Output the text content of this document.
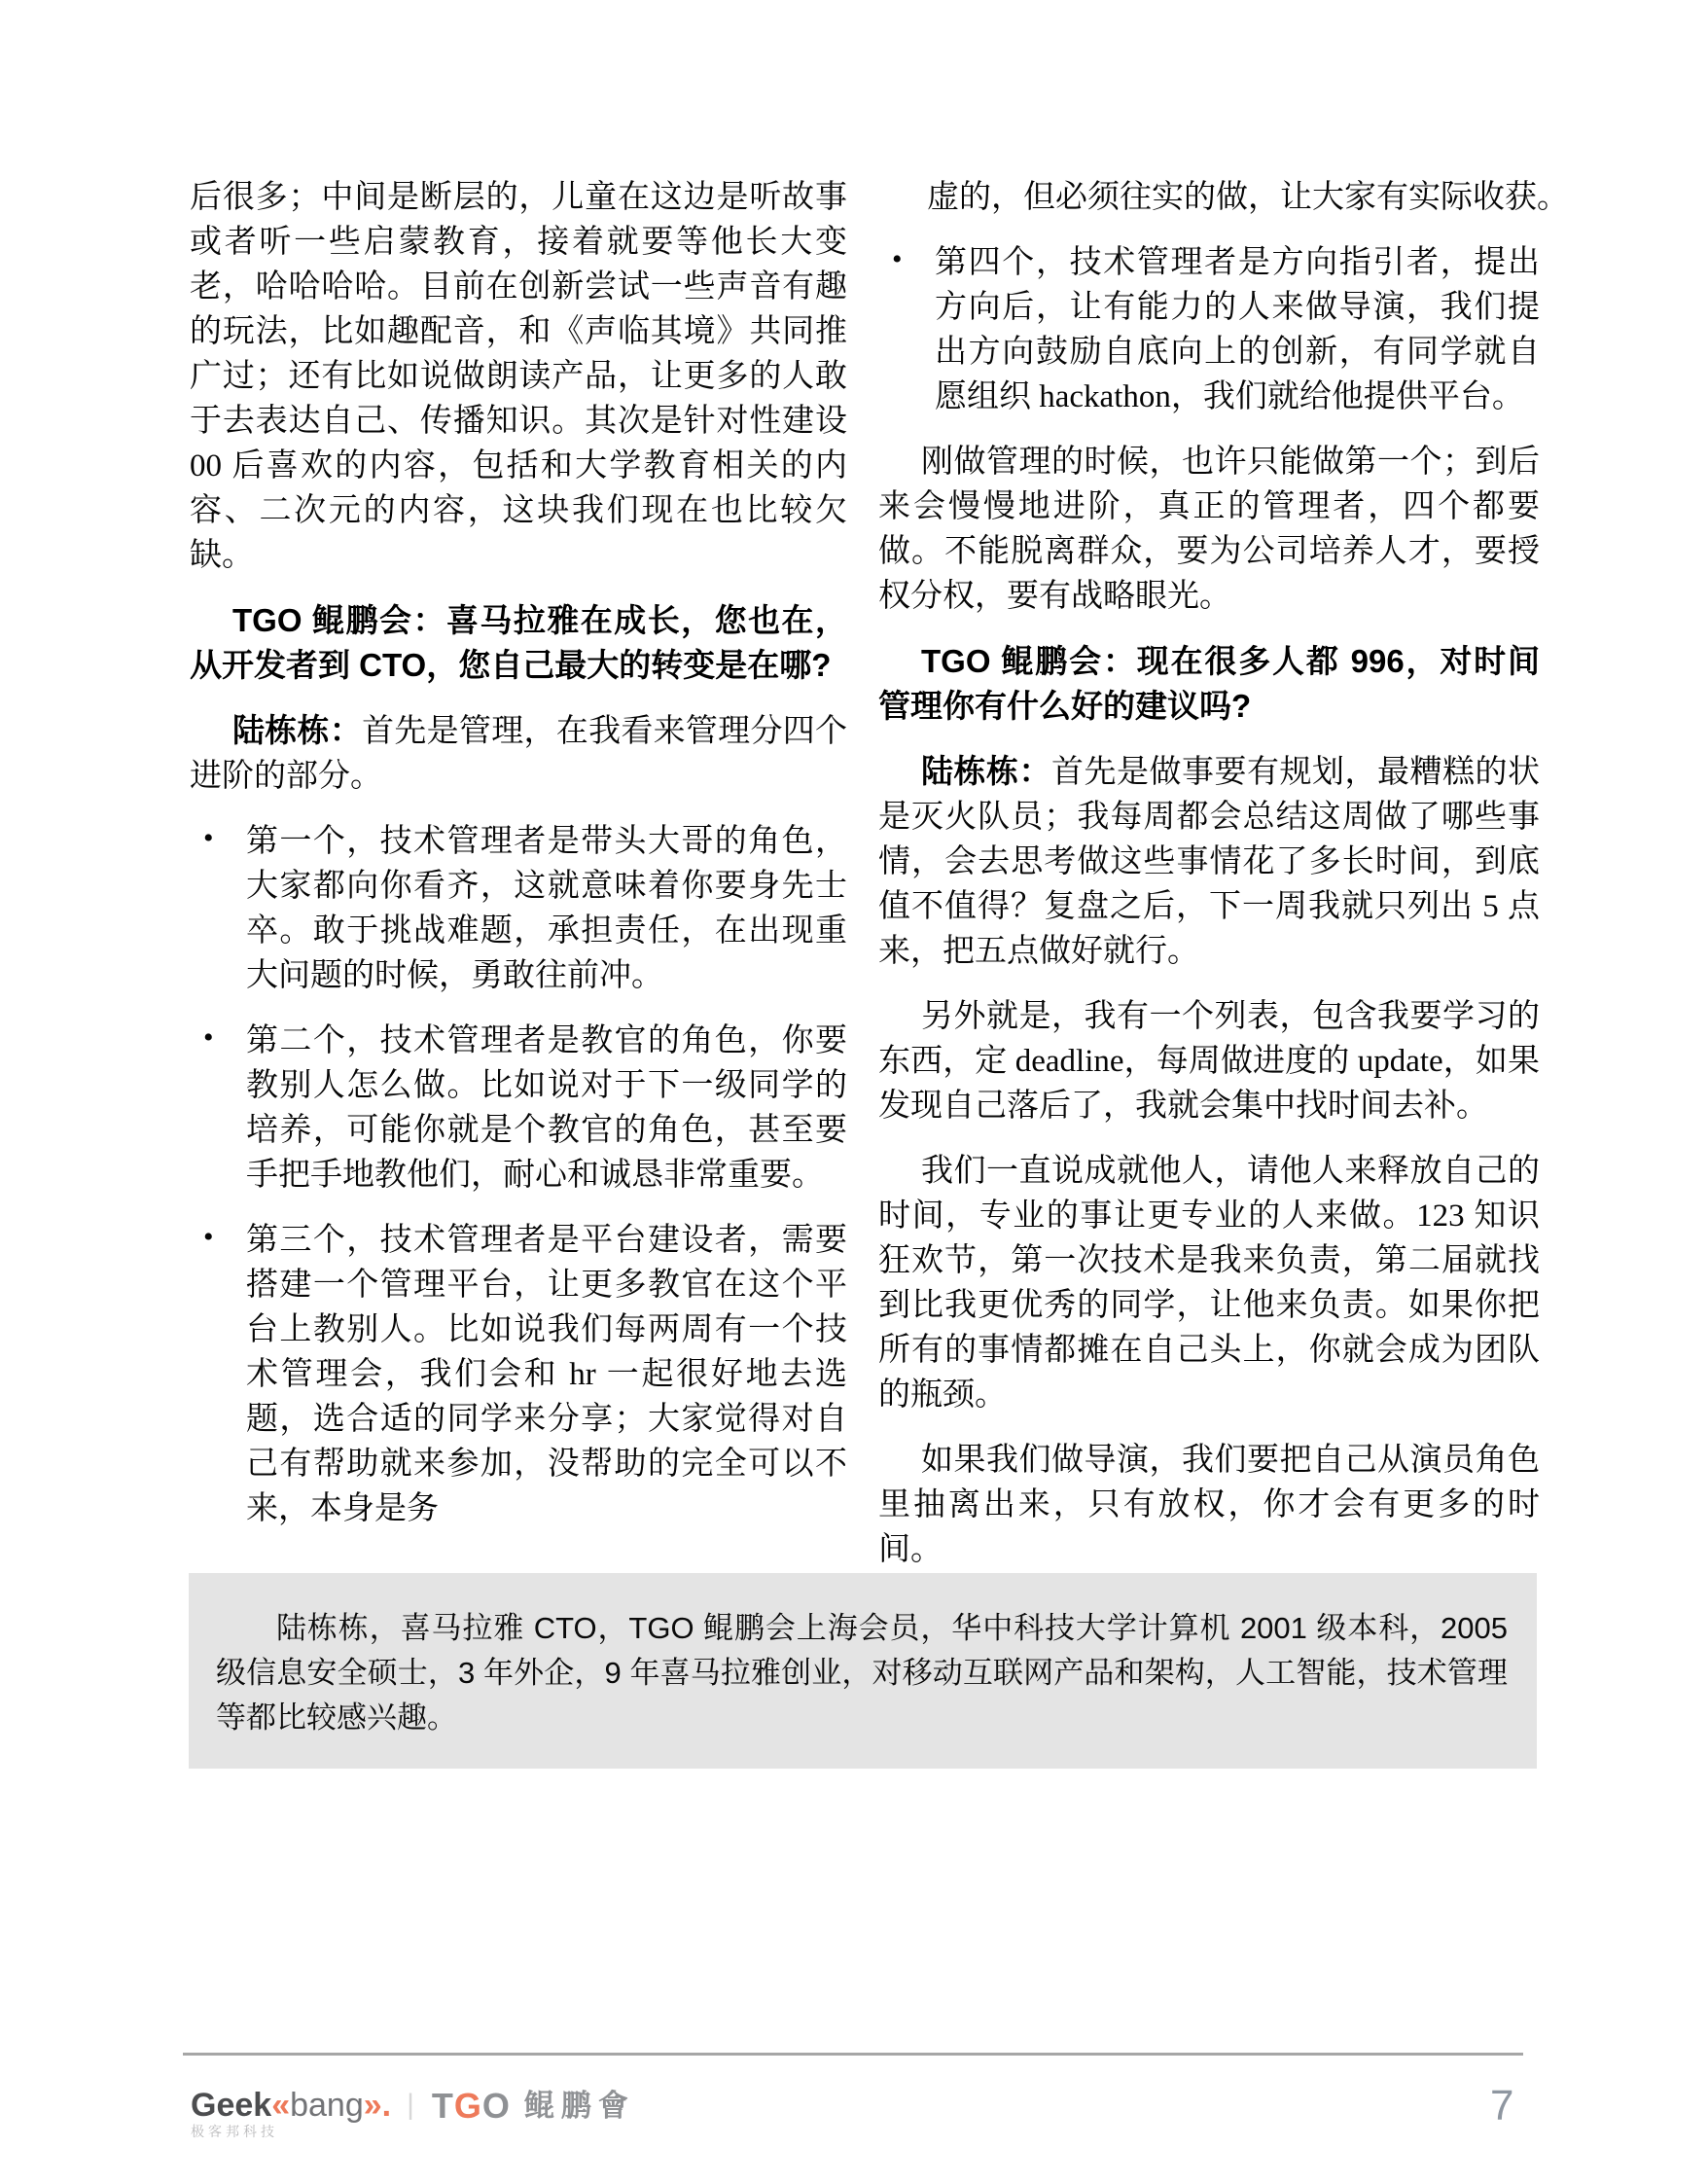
后很多；中间是断层的，儿童在这边是听故事或者听一些启蒙教育，接着就要等他长大变老，哈哈哈哈。目前在创新尝试一些声音有趣的玩法，比如趣配音，和《声临其境》共同推广过；还有比如说做朗读产品，让更多的人敢于去表达自己、传播知识。其次是针对性建设 00 后喜欢的内容，包括和大学教育相关的内容、二次元的内容，这块我们现在也比较欠缺。

TGO 鲲鹏会：喜马拉雅在成长，您也在，从开发者到 CTO，您自己最大的转变是在哪?

陆栋栋：首先是管理，在我看来管理分四个进阶的部分。

• 第一个，技术管理者是带头大哥的角色，大家都向你看齐，这就意味着你要身先士卒。敢于挑战难题，承担责任，在出现重大问题的时候，勇敢往前冲。

• 第二个，技术管理者是教官的角色，你要教别人怎么做。比如说对于下一级同学的培养，可能你就是个教官的角色，甚至要手把手地教他们，耐心和诚恳非常重要。

• 第三个，技术管理者是平台建设者，需要搭建一个管理平台，让更多教官在这个平台上教别人。比如说我们每两周有一个技术管理会，我们会和 hr 一起很好地去选题，选合适的同学来分享；大家觉得对自己有帮助就来参加，没帮助的完全可以不来，本身是务

虚的，但必须往实的做，让大家有实际收获。

• 第四个，技术管理者是方向指引者，提出方向后，让有能力的人来做导演，我们提出方向鼓励自底向上的创新，有同学就自愿组织 hackathon，我们就给他提供平台。

刚做管理的时候，也许只能做第一个；到后来会慢慢地进阶，真正的管理者，四个都要做。不能脱离群众，要为公司培养人才，要授权分权，要有战略眼光。

TGO 鲲鹏会：现在很多人都 996，对时间管理你有什么好的建议吗?

陆栋栋：首先是做事要有规划，最糟糕的状是灭火队员；我每周都会总结这周做了哪些事情，会去思考做这些事情花了多长时间，到底值不值得？复盘之后，下一周我就只列出 5 点来，把五点做好就行。

另外就是，我有一个列表，包含我要学习的东西，定 deadline，每周做进度的 update，如果发现自己落后了，我就会集中找时间去补。

我们一直说成就他人，请他人来释放自己的时间，专业的事让更专业的人来做。123 知识狂欢节，第一次技术是我来负责，第二届就找到比我更优秀的同学，让他来负责。如果你把所有的事情都摊在自己头上，你就会成为团队的瓶颈。

如果我们做导演，我们要把自己从演员角色里抽离出来，只有放权，你才会有更多的时间。

陆栋栋，喜马拉雅 CTO，TGO 鲲鹏会上海会员，华中科技大学计算机 2001 级本科，2005 级信息安全硕士，3 年外企，9 年喜马拉雅创业，对移动互联网产品和架构，人工智能，技术管理等都比较感兴趣。

Geek«bang».
极客邦科技
| TGO 鲲鹏會	7
